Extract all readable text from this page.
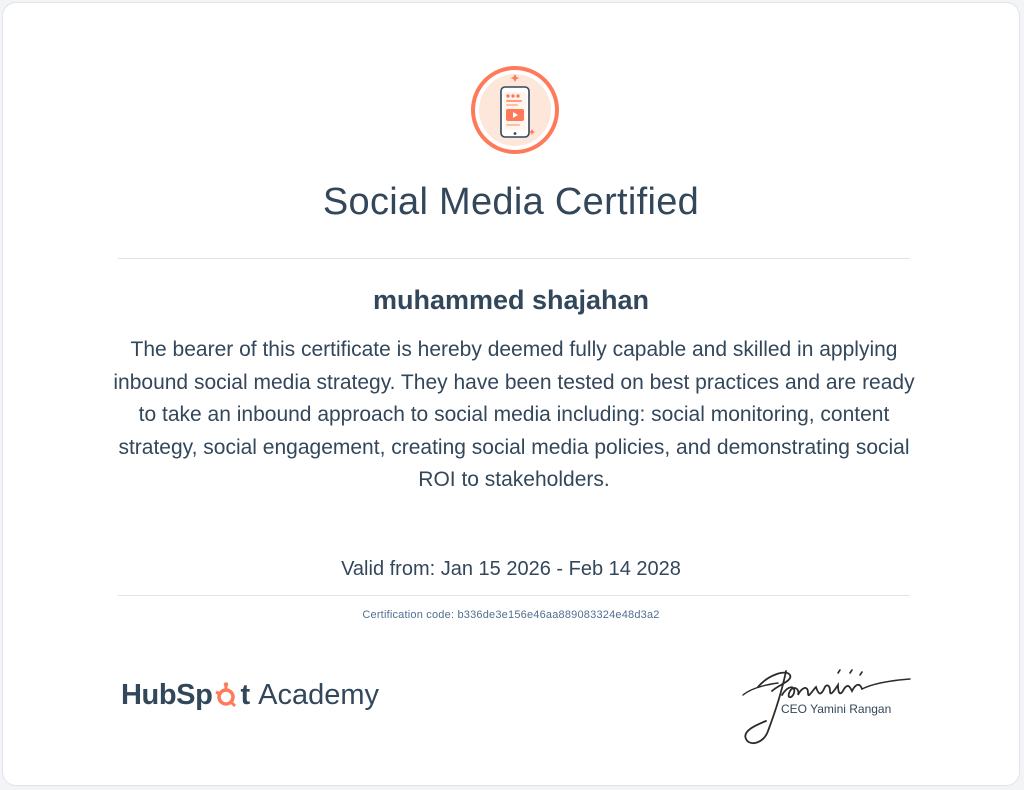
Social Media Certified
muhammed shajahan
The bearer of this certificate is hereby deemed fully capable and skilled in applying inbound social media strategy. They have been tested on best practices and are ready to take an inbound approach to social media including: social monitoring, content strategy, social engagement, creating social media policies, and demonstrating social ROI to stakeholders.
Valid from: Jan 15 2026 - Feb 14 2028
Certification code: b336de3e156e46aa889083324e48d3a2
HubSp t Academy	CEO Yamini Rangan
